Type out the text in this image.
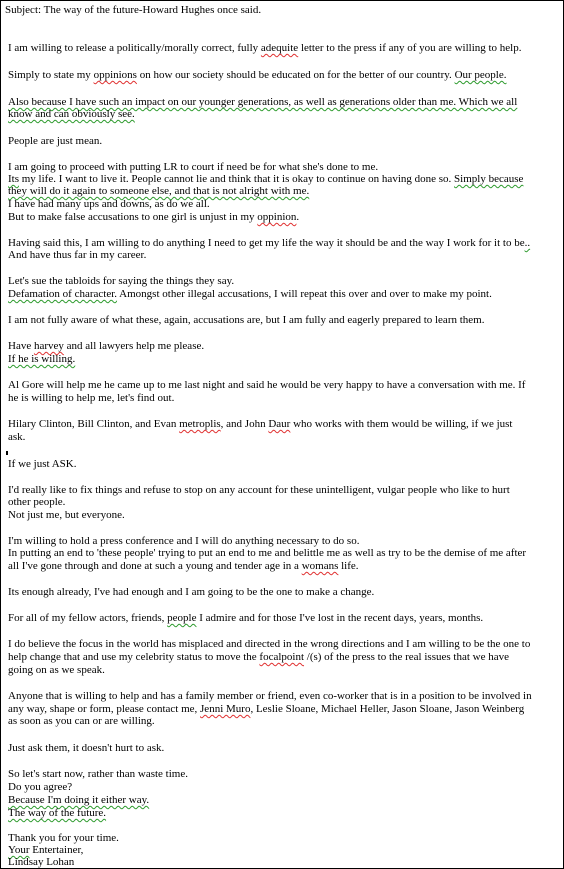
Subject: The way of the future-Howard Hughes once said.
I am willing to release a politically/morally correct, fully adequite letter to the press if any of you are willing to help.
Simply to state my oppinions on how our society should be educated on for the better of our country. Our people.
Also because I have such an impact on our younger generations, as well as generations older than me. Which we all
know and can obviously see.
People are just mean.
I am going to proceed with putting LR to court if need be for what she's done to me.
Its my life. I want to live it. People cannot lie and think that it is okay to continue on having done so. Simply because
they will do it again to someone else, and that is not alright with me.
I have had many ups and downs, as do we all.
But to make false accusations to one girl is unjust in my oppinion.
Having said this, I am willing to do anything I need to get my life the way it should be and the way I work for it to be..
And have thus far in my career.
Let's sue the tabloids for saying the things they say.
Defamation of character. Amongst other illegal accusations, I will repeat this over and over to make my point.
I am not fully aware of what these, again, accusations are, but I am fully and eagerly prepared to learn them.
Have harvey and all lawyers help me please.
If he is willing.
Al Gore will help me he came up to me last night and said he would be very happy to have a conversation with me. If
he is willing to help me, let's find out.
Hilary Clinton, Bill Clinton, and Evan metroplis, and John Daur who works with them would be willing, if we just
ask.
If we just ASK.
I'd really like to fix things and refuse to stop on any account for these unintelligent, vulgar people who like to hurt
other people.
Not just me, but everyone.
I'm willing to hold a press conference and I will do anything necessary to do so.
In putting an end to 'these people' trying to put an end to me and belittle me as well as try to be the demise of me after
all I've gone through and done at such a young and tender age in a womans life.
Its enough already, I've had enough and I am going to be the one to make a change.
For all of my fellow actors, friends, people I admire and for those I've lost in the recent days, years, months.
I do believe the focus in the world has misplaced and directed in the wrong directions and I am willing to be the one to
help change that and use my celebrity status to move the focalpoint /(s) of the press to the real issues that we have
going on as we speak.
Anyone that is willing to help and has a family member or friend, even co-worker that is in a position to be involved in
any way, shape or form, please contact me, Jenni Muro, Leslie Sloane, Michael Heller, Jason Sloane, Jason Weinberg
as soon as you can or are willing.
Just ask them, it doesn't hurt to ask.
So let's start now, rather than waste time.
Do you agree?
Because I'm doing it either way.
The way of the future.
Thank you for your time.
Your Entertainer,
Lindsay Lohan
